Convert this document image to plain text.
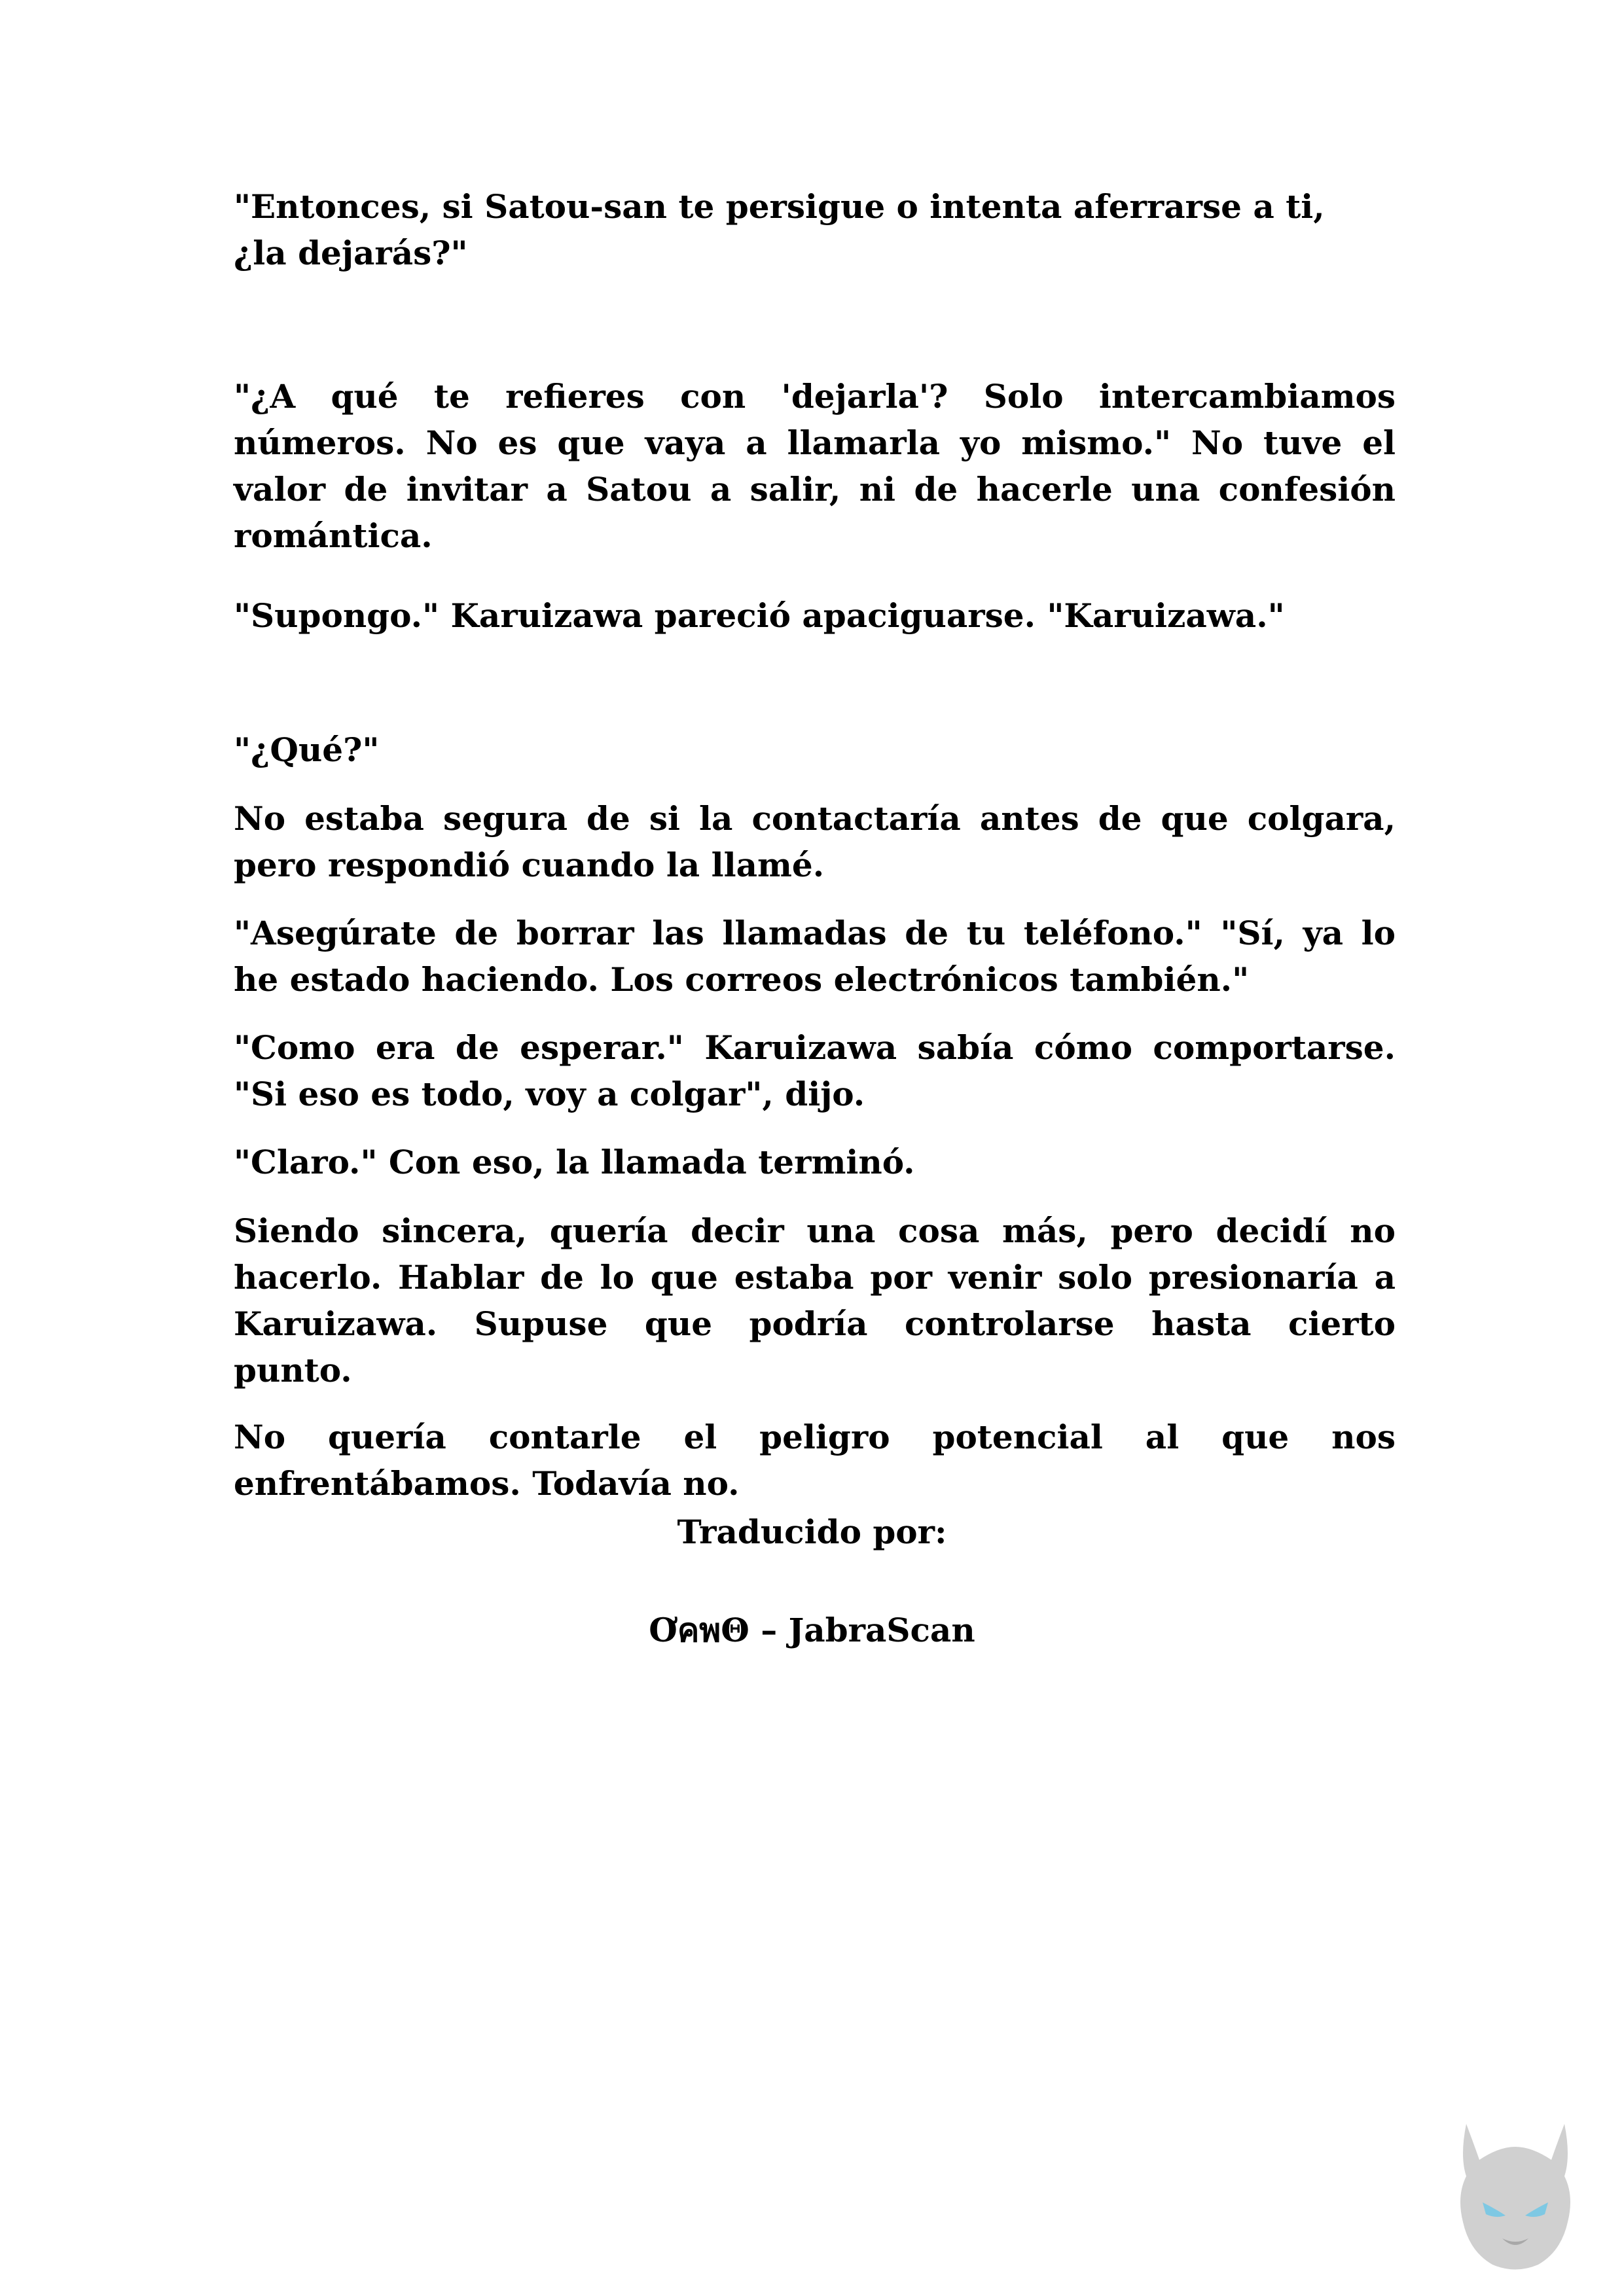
"Entonces, si Satou-san te persigue o intenta aferrarse a ti,
¿la dejarás?"

"¿A qué te refieres con 'dejarla'? Solo intercambiamos
números. No es que vaya a llamarla yo mismo." No tuve el
valor de invitar a Satou a salir, ni de hacerle una confesión
romántica.

"Supongo." Karuizawa pareció apaciguarse. "Karuizawa."

"¿Qué?"

No estaba segura de si la contactaría antes de que colgara,
pero respondió cuando la llamé.

"Asegúrate de borrar las llamadas de tu teléfono." "Sí, ya lo
he estado haciendo. Los correos electrónicos también."

"Como era de esperar." Karuizawa sabía cómo comportarse.
"Si eso es todo, voy a colgar", dijo.

"Claro." Con eso, la llamada terminó.

Siendo sincera, quería decir una cosa más, pero decidí no
hacerlo. Hablar de lo que estaba por venir solo presionaría a
Karuizawa. Supuse que podría controlarse hasta cierto
punto.

No quería contarle el peligro potencial al que nos
enfrentábamos. Todavía no.

Traducido por:
ƠคพΘ – JabraScan
